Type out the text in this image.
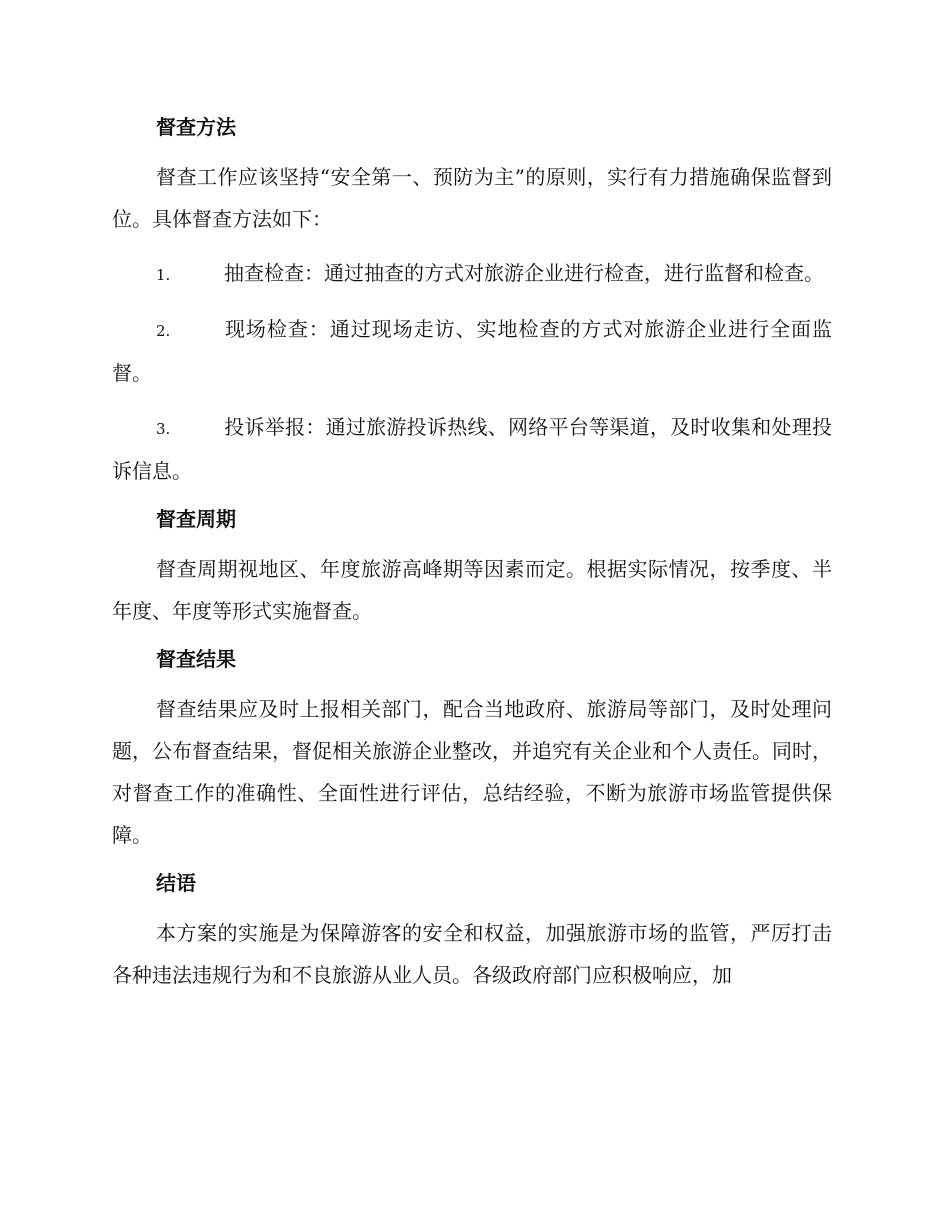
督查方法

督查工作应该坚持“安全第一、预防为主”的原则，实行有力措施确保监督到位。具体督查方法如下：

1.	抽查检查：通过抽查的方式对旅游企业进行检查，进行监督和检查。

2.	现场检查：通过现场走访、实地检查的方式对旅游企业进行全面监督。

3.	投诉举报：通过旅游投诉热线、网络平台等渠道，及时收集和处理投诉信息。

督查周期

督查周期视地区、年度旅游高峰期等因素而定。根据实际情况，按季度、半年度、年度等形式实施督查。

督查结果

督查结果应及时上报相关部门，配合当地政府、旅游局等部门，及时处理问题，公布督查结果，督促相关旅游企业整改，并追究有关企业和个人责任。同时，对督查工作的准确性、全面性进行评估，总结经验，不断为旅游市场监管提供保障。

结语

本方案的实施是为保障游客的安全和权益，加强旅游市场的监管，严厉打击各种违法违规行为和不良旅游从业人员。各级政府部门应积极响应，加
